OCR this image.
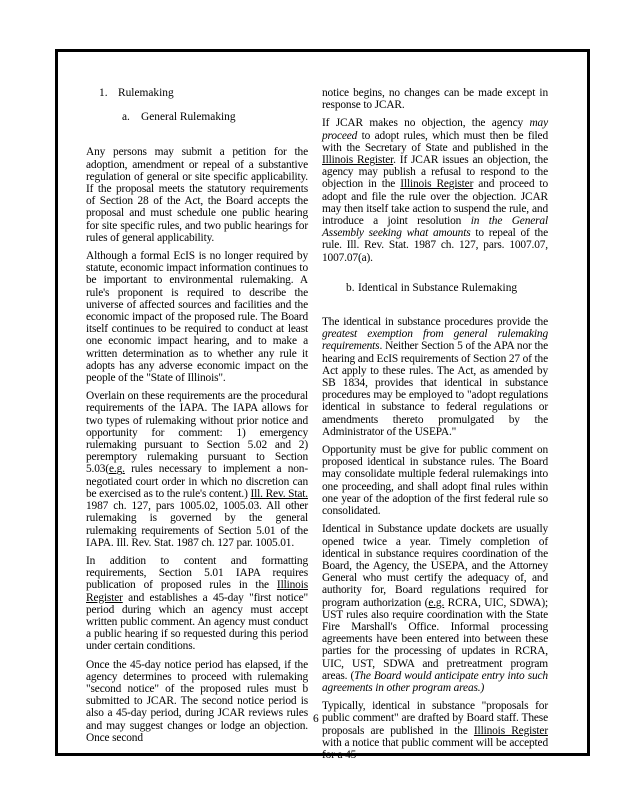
1. Rulemaking
a. General Rulemaking

Any persons may submit a petition for the adoption, amendment or repeal of a substantive regulation of general or site specific applicability. If the proposal meets the statutory requirements of Section 28 of the Act, the Board accepts the proposal and must schedule one public hearing for site specific rules, and two public hearings for rules of general applicability.

Although a formal EcIS is no longer required by statute, economic impact information continues to be important to environmental rulemaking. A rule's proponent is required to describe the universe of affected sources and facilities and the economic impact of the proposed rule. The Board itself continues to be required to conduct at least one economic impact hearing, and to make a written determination as to whether any rule it adopts has any adverse economic impact on the people of the "State of Illinois".

Overlain on these requirements are the procedural requirements of the IAPA. The IAPA allows for two types of rulemaking without prior notice and opportunity for comment: 1) emergency rulemaking pursuant to Section 5.02 and 2) peremptory rulemaking pursuant to Section 5.03(e.g. rules necessary to implement a non-negotiated court order in which no discretion can be exercised as to the rule's content.) Ill. Rev. Stat. 1987 ch. 127, pars 1005.02, 1005.03. All other rulemaking is governed by the general rulemaking requirements of Section 5.01 of the IAPA. Ill. Rev. Stat. 1987 ch. 127 par. 1005.01.

In addition to content and formatting requirements, Section 5.01 IAPA requires publication of proposed rules in the Illinois Register and establishes a 45-day "first notice" period during which an agency must accept written public comment. An agency must conduct a public hearing if so requested during this period under certain conditions.

Once the 45-day notice period has elapsed, if the agency determines to proceed with rulemaking "second notice" of the proposed rules must b submitted to JCAR. The second notice period is also a 45-day period, during JCAR reviews rules and may suggest changes or lodge an objection. Once second

notice begins, no changes can be made except in response to JCAR.

If JCAR makes no objection, the agency may proceed to adopt rules, which must then be filed with the Secretary of State and published in the Illinois Register. If JCAR issues an objection, the agency may publish a refusal to respond to the objection in the Illinois Register and proceed to adopt and file the rule over the objection. JCAR may then itself take action to suspend the rule, and introduce a joint resolution in the General Assembly seeking what amounts to repeal of the rule. Ill. Rev. Stat. 1987 ch. 127, pars. 1007.07, 1007.07(a).

b. Identical in Substance Rulemaking

The identical in substance procedures provide the greatest exemption from general rulemaking requirements. Neither Section 5 of the APA nor the hearing and EcIS requirements of Section 27 of the Act apply to these rules. The Act, as amended by SB 1834, provides that identical in substance procedures may be employed to "adopt regulations identical in substance to federal regulations or amendments thereto promulgated by the Administrator of the USEPA."

Opportunity must be give for public comment on proposed identical in substance rules. The Board may consolidate multiple federal rulemakings into one proceeding, and shall adopt final rules within one year of the adoption of the first federal rule so consolidated.

Identical in Substance update dockets are usually opened twice a year. Timely completion of identical in substance requires coordination of the Board, the Agency, the USEPA, and the Attorney General who must certify the adequacy of, and authority for, Board regulations required for program authorization (e.g. RCRA, UIC, SDWA); UST rules also require coordination with the State Fire Marshall's Office. Informal processing agreements have been entered into between these parties for the processing of updates in RCRA, UIC, UST, SDWA and pretreatment program areas. (The Board would anticipate entry into such agreements in other program areas.)

Typically, identical in substance "proposals for public comment" are drafted by Board staff. These proposals are published in the Illinois Register with a notice that public comment will be accepted for a 45

6
